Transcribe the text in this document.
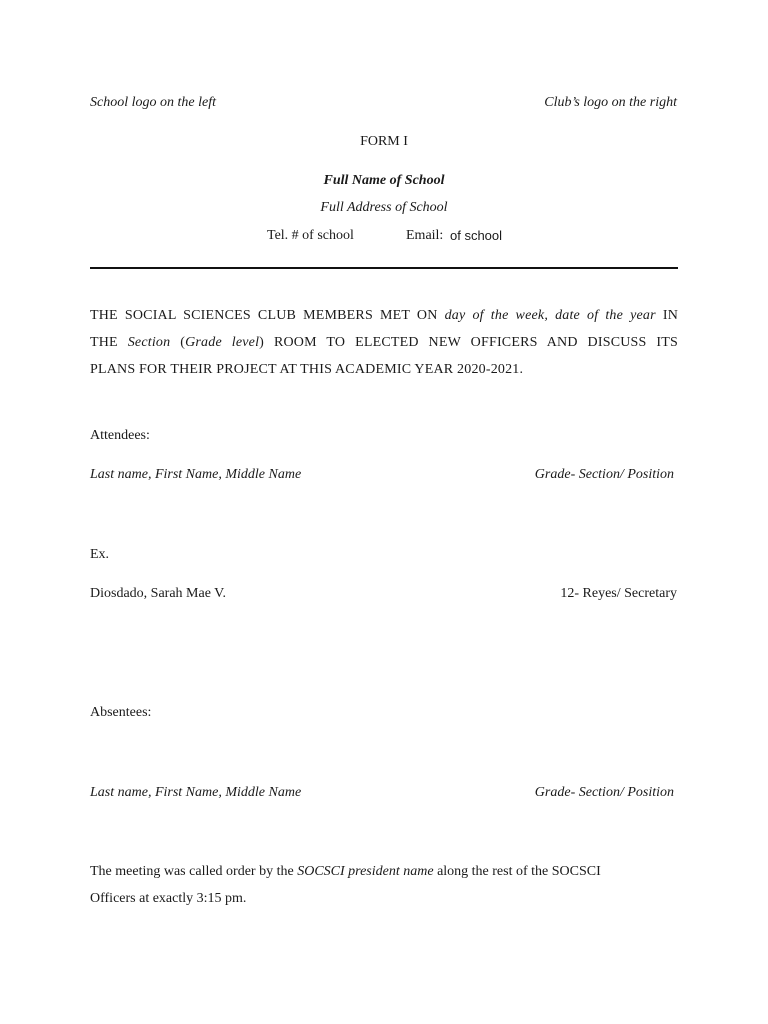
School logo on the left	Club’s logo on the right
FORM I
Full Name of School
Full Address of School
Tel. # of school	Email: of school
THE SOCIAL SCIENCES CLUB MEMBERS MET ON day of the week, date of the year IN
THE Section (Grade level) ROOM TO ELECTED NEW OFFICERS AND DISCUSS ITS
PLANS FOR THEIR PROJECT AT THIS ACADEMIC YEAR 2020-2021.
Attendees:
Last name, First Name, Middle Name	Grade- Section/ Position
Ex.
Diosdado, Sarah Mae V.	12- Reyes/ Secretary
Absentees:
Last name, First Name, Middle Name	Grade- Section/ Position
The meeting was called order by the SOCSCI president name along the rest of the SOCSCI
Officers at exactly 3:15 pm.
